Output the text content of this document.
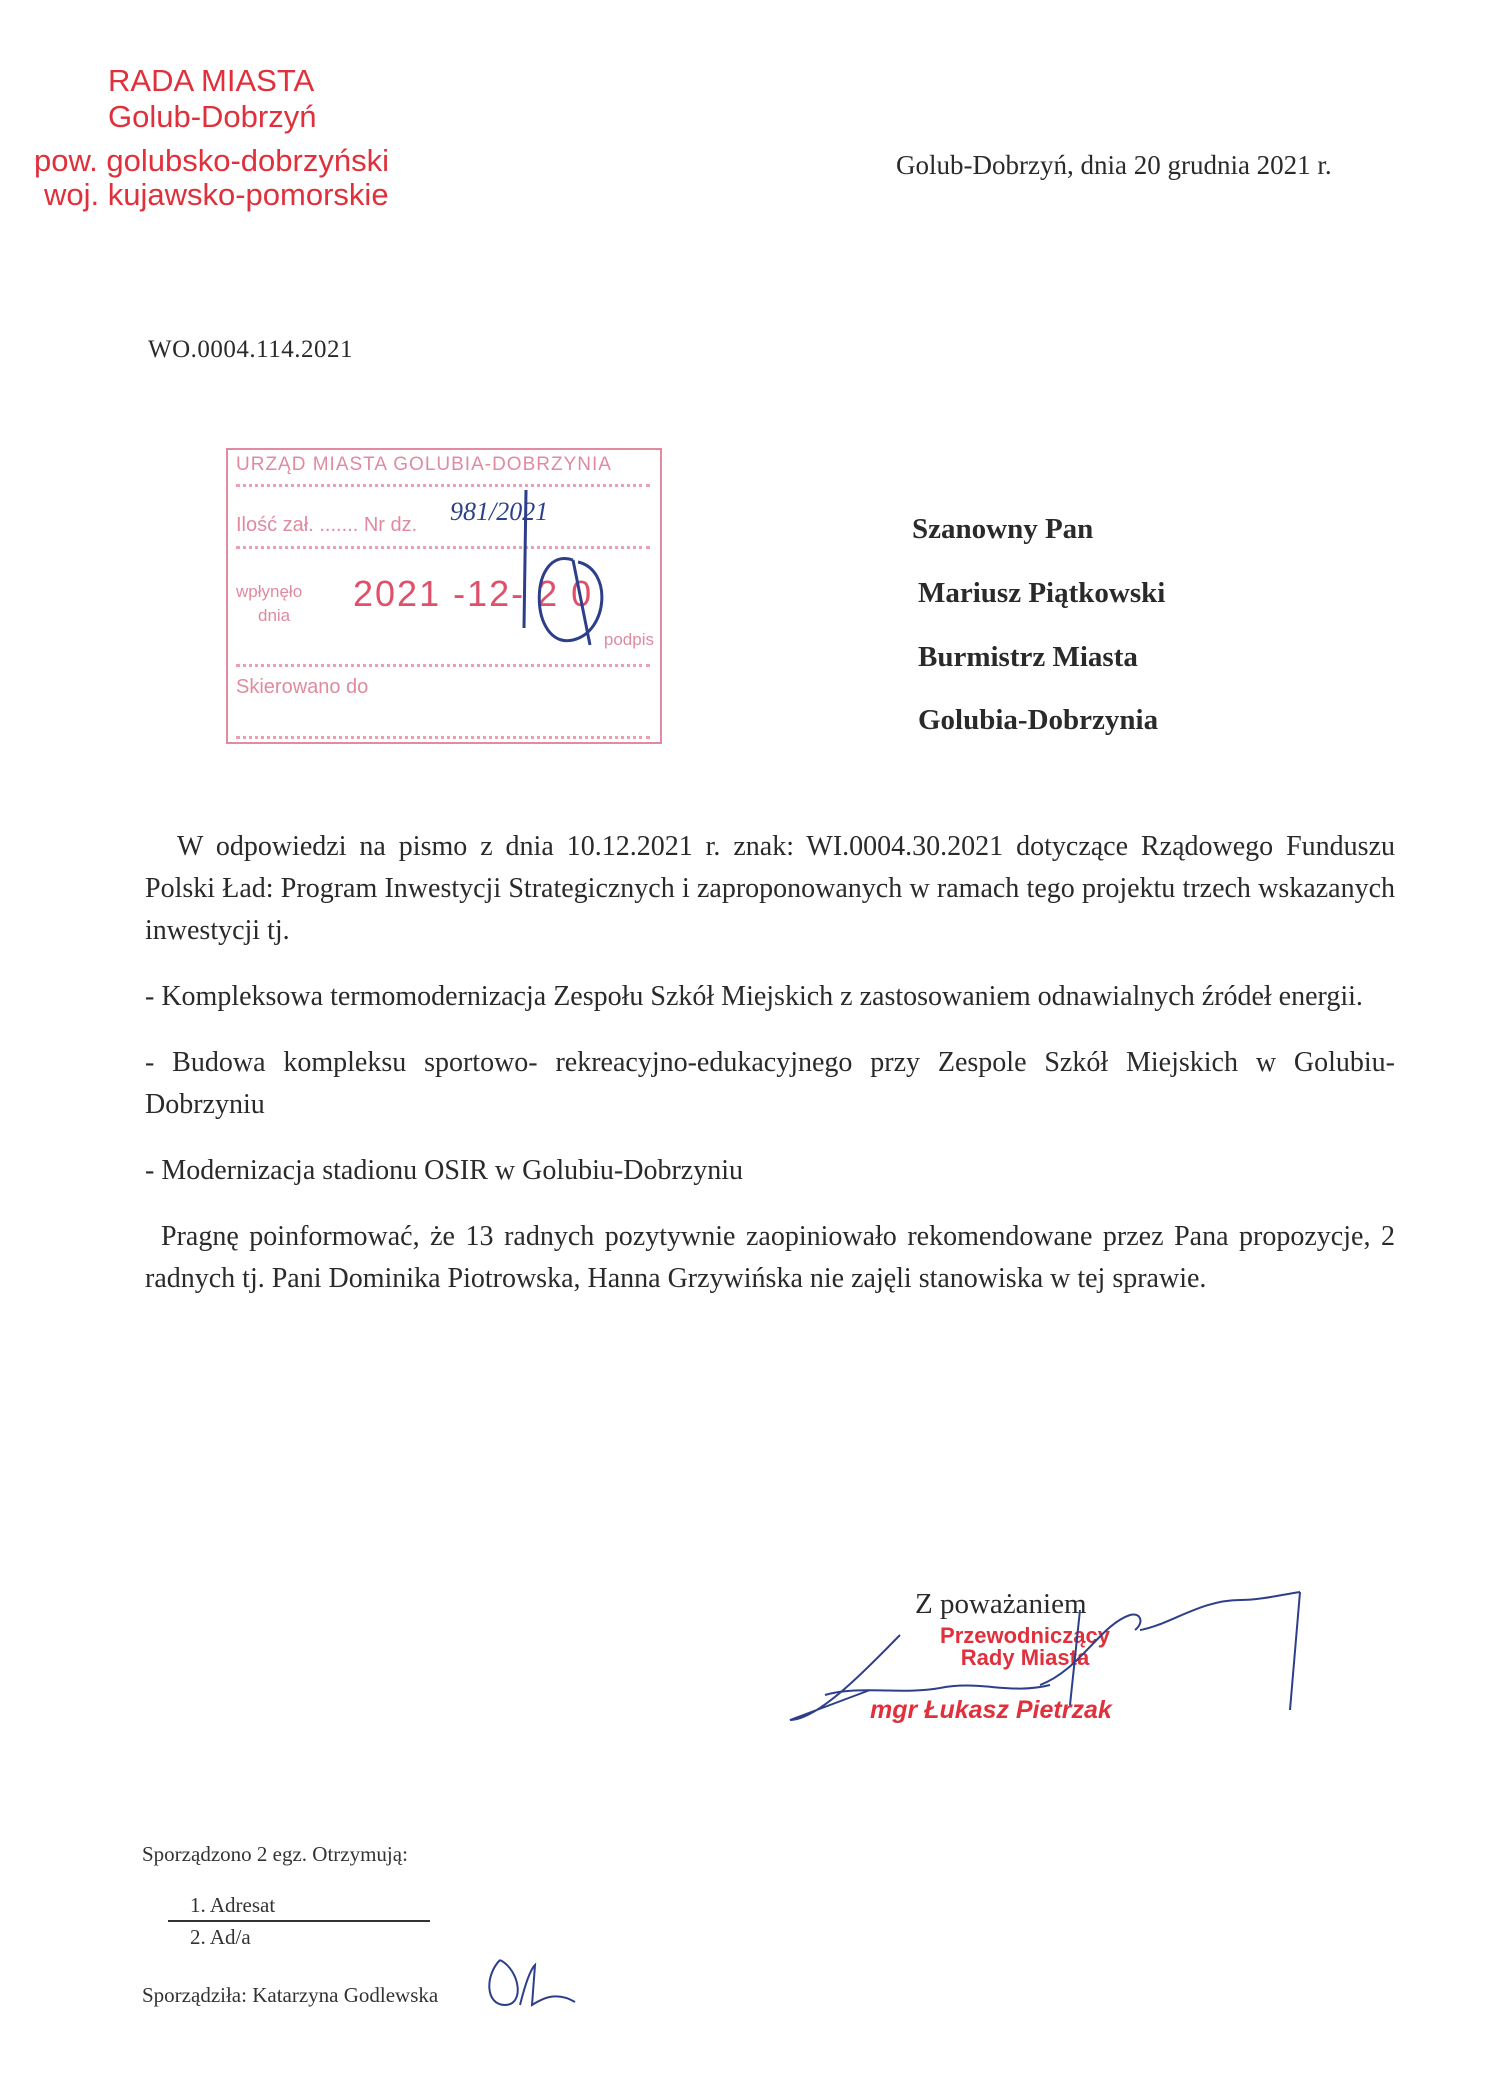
RADA MIASTA
Golub-Dobrzyń
pow. golubsko-dobrzyński
woj. kujawsko-pomorskie
Golub-Dobrzyń, dnia 20 grudnia 2021 r.
WO.0004.114.2021
URZĄD MIASTA GOLUBIA-DOBRZYNIA
Ilość zał. ....... Nr dz. 981/2021
wpłynęło
dnia
2021 -12- 2 0
podpis
Skierowano do
Szanowny Pan
Mariusz Piątkowski
Burmistrz Miasta
Golubia-Dobrzynia

W odpowiedzi na pismo z dnia 10.12.2021 r. znak: WI.0004.30.2021 dotyczące Rządowego Funduszu Polski Ład: Program Inwestycji Strategicznych i zaproponowanych w ramach tego projektu trzech wskazanych inwestycji tj.

- Kompleksowa termomodernizacja Zespołu Szkół Miejskich z zastosowaniem odnawialnych źródeł energii.

- Budowa kompleksu sportowo- rekreacyjno-edukacyjnego przy Zespole Szkół Miejskich w Golubiu-Dobrzyniu

- Modernizacja stadionu OSIR w Golubiu-Dobrzyniu

Pragnę poinformować, że 13 radnych pozytywnie zaopiniowało rekomendowane przez Pana propozycje, 2 radnych tj. Pani Dominika Piotrowska, Hanna Grzywińska nie zajęli stanowiska w tej sprawie.

Z poważaniem
Przewodniczący
Rady Miasta
mgr Łukasz Pietrzak
Sporządzono 2 egz. Otrzymują:
1. Adresat
2. Ad/a
Sporządziła: Katarzyna Godlewska
